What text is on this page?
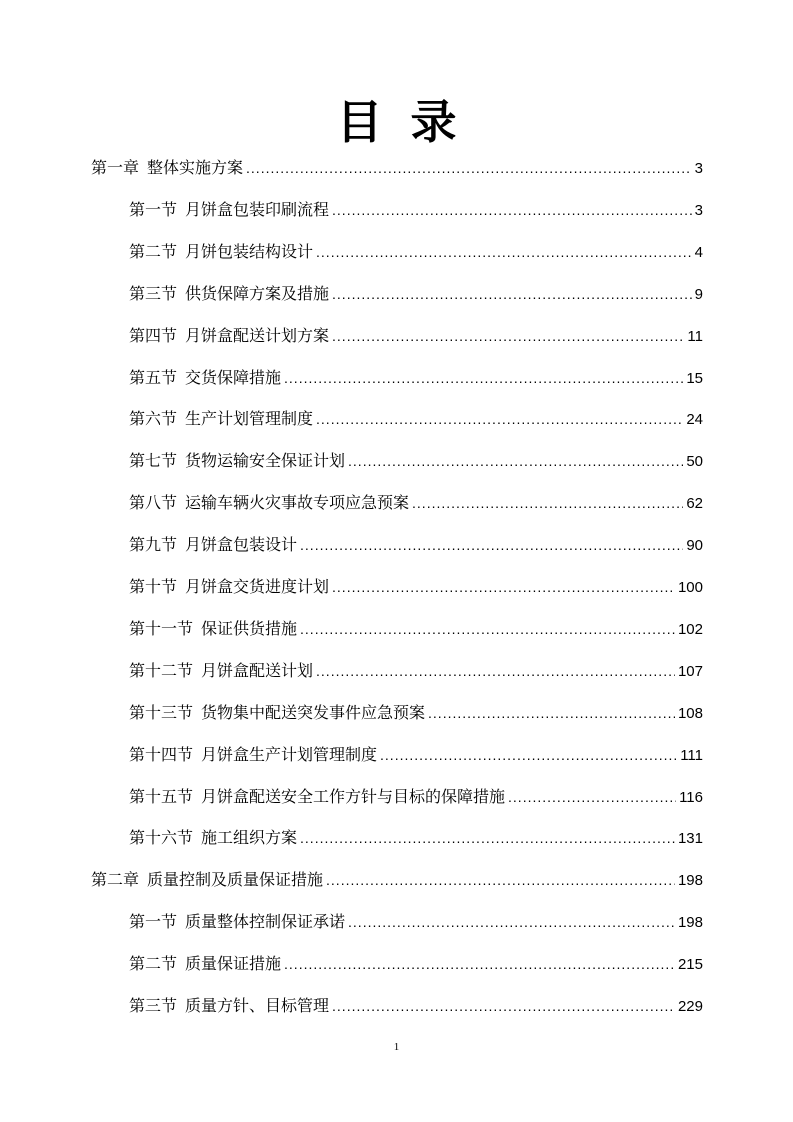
目 录
第一章 整体实施方案 .....	3
第一节 月饼盒包装印刷流程 .....	3
第二节 月饼包装结构设计 .....	4
第三节 供货保障方案及措施 .....	9
第四节 月饼盒配送计划方案 .....	11
第五节 交货保障措施 .....	15
第六节 生产计划管理制度 .....	24
第七节 货物运输安全保证计划 .....	50
第八节 运输车辆火灾事故专项应急预案 .....	62
第九节 月饼盒包装设计 .....	90
第十节 月饼盒交货进度计划 .....	100
第十一节 保证供货措施 .....	102
第十二节 月饼盒配送计划 .....	107
第十三节 货物集中配送突发事件应急预案 .....	108
第十四节 月饼盒生产计划管理制度 .....	111
第十五节 月饼盒配送安全工作方针与目标的保障措施 .....	116
第十六节 施工组织方案 .....	131
第二章 质量控制及质量保证措施 .....	198
第一节 质量整体控制保证承诺 .....	198
第二节 质量保证措施 .....	215
第三节 质量方针、目标管理 .....	229
1
